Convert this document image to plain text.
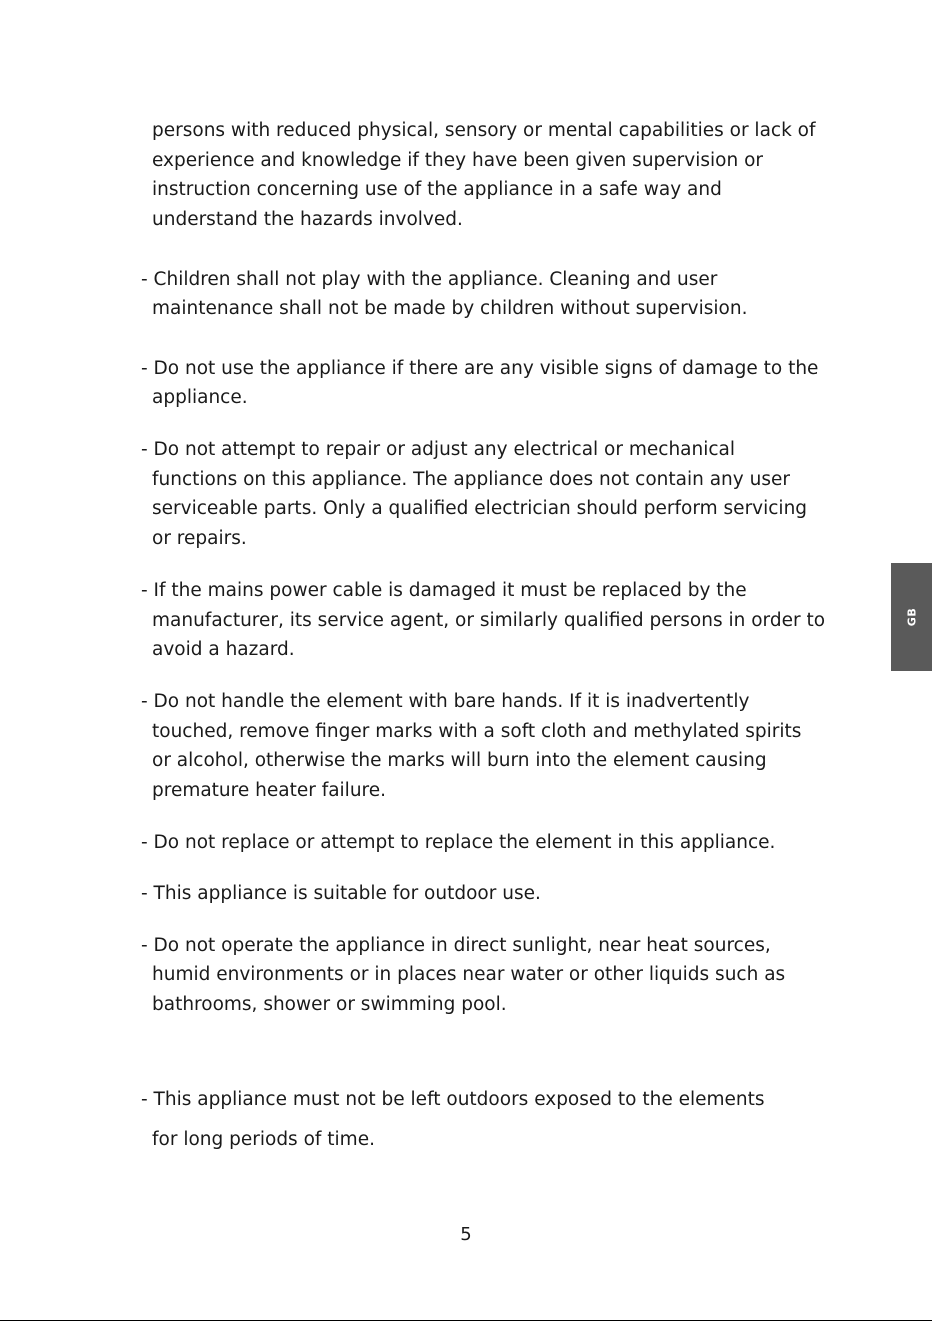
persons with reduced physical, sensory or mental capabilities or lack of
experience and knowledge if they have been given supervision or
instruction concerning use of the appliance in a safe way and
understand the hazards involved.
- Children shall not play with the appliance. Cleaning and user
maintenance shall not be made by children without supervision.
- Do not use the appliance if there are any visible signs of damage to the
appliance.
- Do not attempt to repair or adjust any electrical or mechanical
functions on this appliance. The appliance does not contain any user
serviceable parts. Only a qualified electrician should perform servicing
or repairs.
- If the mains power cable is damaged it must be replaced by the
manufacturer, its service agent, or similarly qualified persons in order to
avoid a hazard.
- Do not handle the element with bare hands. If it is inadvertently
touched, remove finger marks with a soft cloth and methylated spirits
or alcohol, otherwise the marks will burn into the element causing
premature heater failure.
- Do not replace or attempt to replace the element in this appliance.
- This appliance is suitable for outdoor use.
- Do not operate the appliance in direct sunlight, near heat sources,
humid environments or in places near water or other liquids such as
bathrooms, shower or swimming pool.
- This appliance must not be left outdoors exposed to the elements
for long periods of time.
GB
5
